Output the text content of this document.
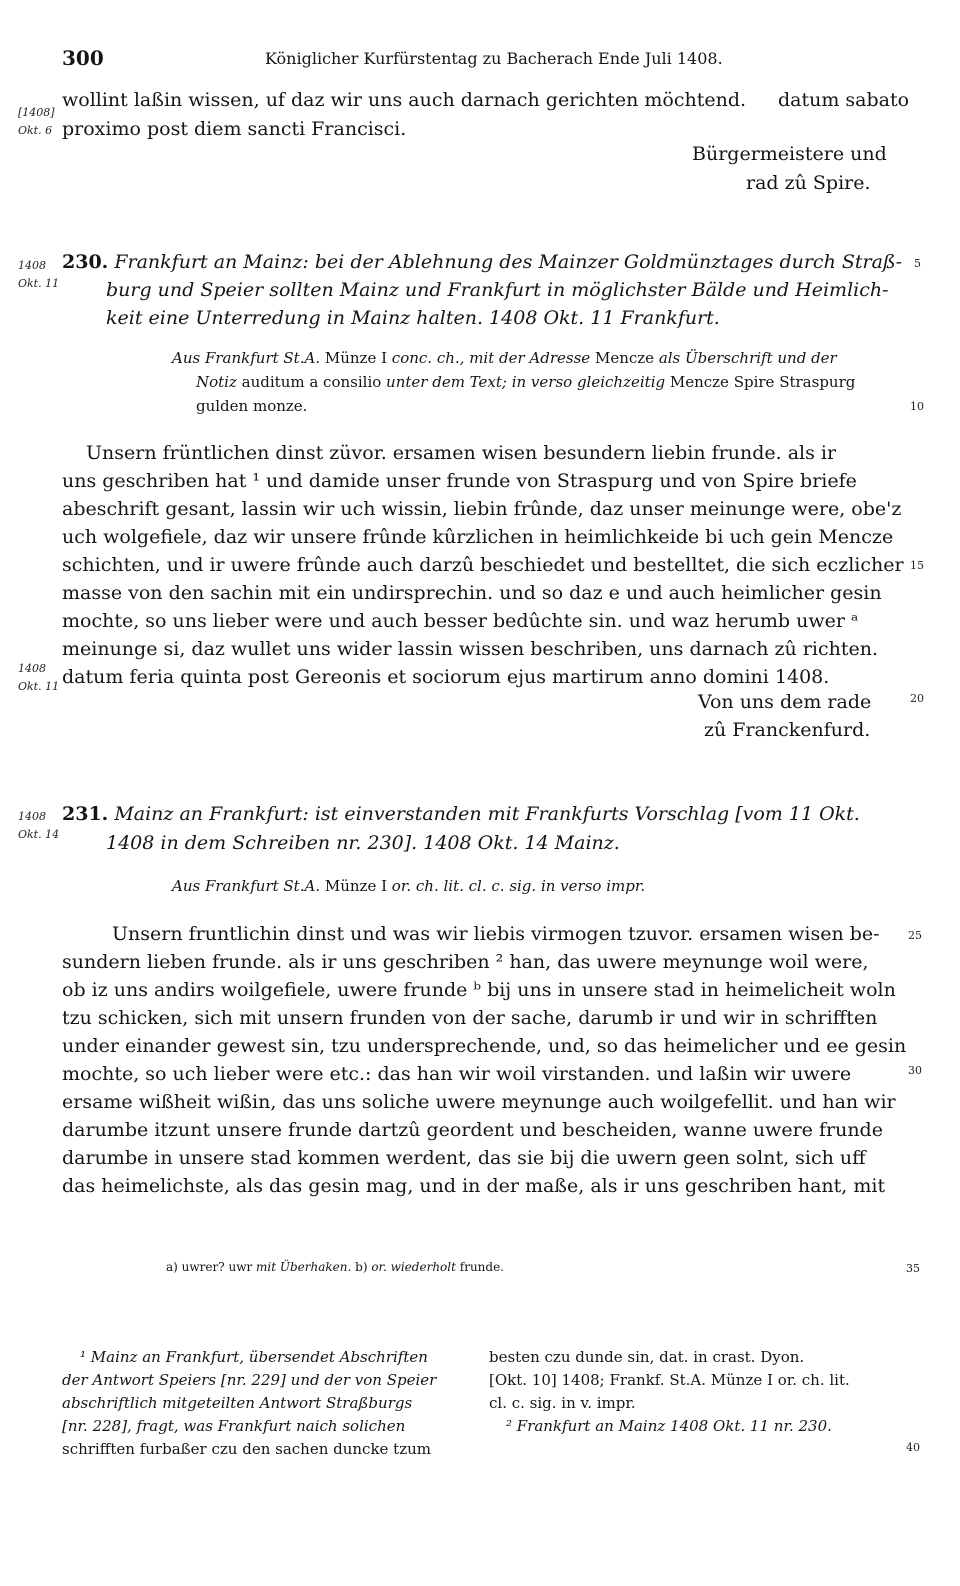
300	Königlicher Kurfürstentag zu Bacherach Ende Juli 1408.
[1408]
Okt. 6
wollint laßin wissen, uf daz wir uns auch darnach gerichten möchtend. datum sabato
proximo post diem sancti Francisci.
Bürgermeistere und
rad zû Spire.
1408
Okt. 11
230. Frankfurt an Mainz: bei der Ablehnung des Mainzer Goldmünztages durch Straß-
burg und Speier sollten Mainz und Frankfurt in möglichster Bälde und Heimlich-
keit eine Unterredung in Mainz halten. 1408 Okt. 11 Frankfurt.
Aus Frankfurt St.A. Münze I conc. ch., mit der Adresse Mencze als Überschrift und der
Notiz auditum a consilio unter dem Text; in verso gleichzeitig Mencze Spire Straspurg
gulden monze.
Unsern früntlichen dinst züvor. ersamen wisen besundern liebin frunde. als ir
uns geschriben hat ¹ und damide unser frunde von Straspurg und von Spire briefe
abeschrift gesant, lassin wir uch wissin, liebin frûnde, daz unser meinunge were, obe'z
uch wolgefiele, daz wir unsere frûnde kûrzlichen in heimlichkeide bi uch gein Mencze
schichten, und ir uwere frûnde auch darzû beschiedet und bestelltet, die sich eczlicher
masse von den sachin mit ein undirsprechin. und so daz e und auch heimlicher gesin
mochte, so uns lieber were und auch besser bedûchte sin. und waz herumb uwer ᵃ
meinunge si, daz wullet uns wider lassin wissen beschriben, uns darnach zû richten.
datum feria quinta post Gereonis et sociorum ejus martirum anno domini 1408.
1408
Okt. 11
Von uns dem rade
zû Franckenfurd.
1408
Okt. 14
231. Mainz an Frankfurt: ist einverstanden mit Frankfurts Vorschlag [vom 11 Okt.
1408 in dem Schreiben nr. 230]. 1408 Okt. 14 Mainz.
Aus Frankfurt St.A. Münze I or. ch. lit. cl. c. sig. in verso impr.
Unsern fruntlichin dinst und was wir liebis virmogen tzuvor. ersamen wisen be-
sundern lieben frunde. als ir uns geschriben ² han, das uwere meynunge woil were,
ob iz uns andirs woilgefiele, uwere frunde ᵇ bij uns in unsere stad in heimelicheit woln
tzu schicken, sich mit unsern frunden von der sache, darumb ir und wir in schrifften
under einander gewest sin, tzu undersprechende, und, so das heimelicher und ee gesin
mochte, so uch lieber were etc.: das han wir woil virstanden. und laßin wir uwere
ersame wißheit wißin, das uns soliche uwere meynunge auch woilgefellit. und han wir
darumbe itzunt unsere frunde dartzû geordent und bescheiden, wanne uwere frunde
darumbe in unsere stad kommen werdent, das sie bij die uwern geen solnt, sich uff
das heimelichste, als das gesin mag, und in der maße, als ir uns geschriben hant, mit
a) uwrer? uwr mit Überhaken. b) or. wiederholt frunde.
¹ Mainz an Frankfurt, übersendet Abschriften
der Antwort Speiers [nr. 229] und der von Speier
abschriftlich mitgeteilten Antwort Straßburgs
[nr. 228], fragt, was Frankfurt naich solichen
schrifften furbaßer czu den sachen duncke tzum
besten czu dunde sin, dat. in crast. Dyon.
[Okt. 10] 1408; Frankf. St.A. Münze I or. ch. lit.
cl. c. sig. in v. impr.
² Frankfurt an Mainz 1408 Okt. 11 nr. 230.
5
10
15
20
25
30
35
40
